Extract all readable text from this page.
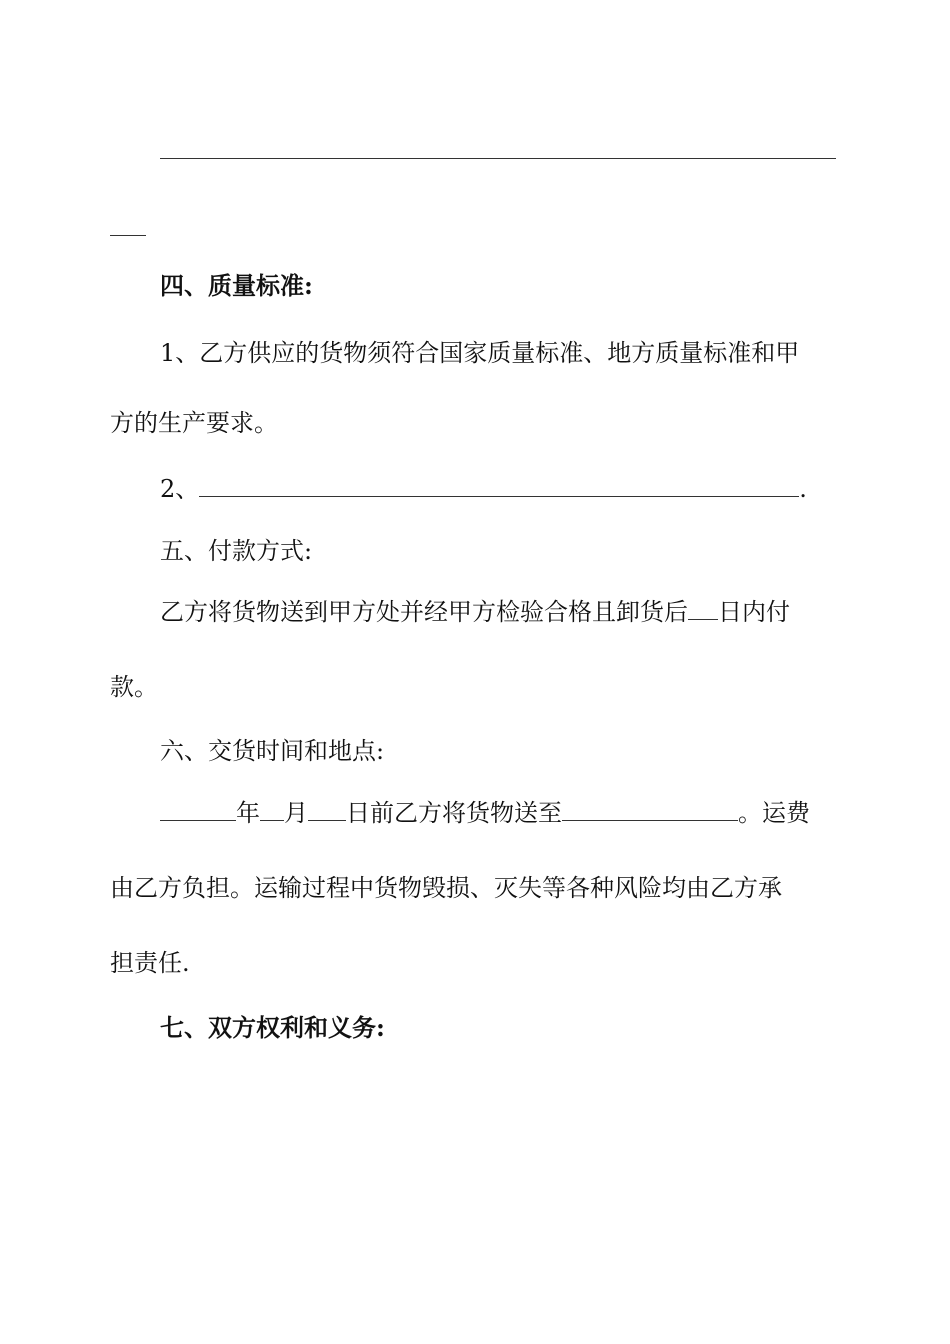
四、质量标准:
1、乙方供应的货物须符合国家质量标准、地方质量标准和甲
方的生产要求。
2、	.
五、付款方式:
乙方将货物送到甲方处并经甲方检验合格且卸货后 日内付
款。
六、交货时间和地点:
年 月 日前乙方将货物送至	。运费
由乙方负担。运输过程中货物毁损、灭失等各种风险均由乙方承
担责任.
七、双方权利和义务:
